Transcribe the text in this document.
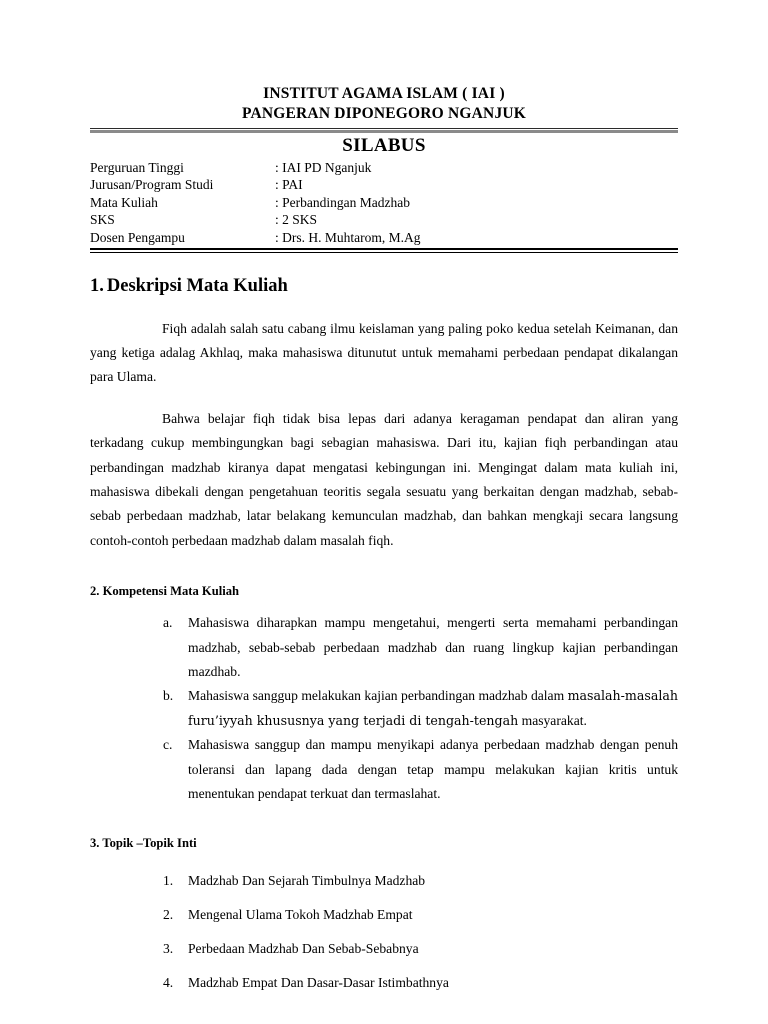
INSTITUT AGAMA ISLAM ( IAI )
PANGERAN DIPONEGORO NGANJUK
SILABUS
Perguruan Tinggi	: IAI PD Nganjuk
Jurusan/Program Studi	: PAI
Mata Kuliah	: Perbandingan Madzhab
SKS	: 2 SKS
Dosen Pengampu	: Drs. H. Muhtarom, M.Ag
1. Deskripsi Mata Kuliah

Fiqh adalah salah satu cabang ilmu keislaman yang paling poko kedua setelah Keimanan, dan yang ketiga adalag Akhlaq, maka mahasiswa ditunutut untuk memahami perbedaan pendapat dikalangan para Ulama.

Bahwa belajar fiqh tidak bisa lepas dari adanya keragaman pendapat dan aliran yang terkadang cukup membingungkan bagi sebagian mahasiswa. Dari itu, kajian fiqh perbandingan atau perbandingan madzhab kiranya dapat mengatasi kebingungan ini. Mengingat dalam mata kuliah ini, mahasiswa dibekali dengan pengetahuan teoritis segala sesuatu yang berkaitan dengan madzhab, sebab-sebab perbedaan madzhab, latar belakang kemunculan madzhab, dan bahkan mengkaji secara langsung contoh-contoh perbedaan madzhab dalam masalah fiqh.

2. Kompetensi Mata Kuliah
a. Mahasiswa diharapkan mampu mengetahui, mengerti serta memahami perbandingan madzhab, sebab-sebab perbedaan madzhab dan ruang lingkup kajian perbandingan mazdhab.
b. Mahasiswa sanggup melakukan kajian perbandingan madzhab dalam masalah-masalah furu’iyyah khususnya yang terjadi di tengah-tengah masyarakat.
c. Mahasiswa sanggup dan mampu menyikapi adanya perbedaan madzhab dengan penuh toleransi dan lapang dada dengan tetap mampu melakukan kajian kritis untuk menentukan pendapat terkuat dan termaslahat.
3. Topik –Topik Inti
1. Madzhab Dan Sejarah Timbulnya Madzhab
2. Mengenal Ulama Tokoh Madzhab Empat
3. Perbedaan Madzhab Dan Sebab-Sebabnya
4. Madzhab Empat Dan Dasar-Dasar Istimbathnya
